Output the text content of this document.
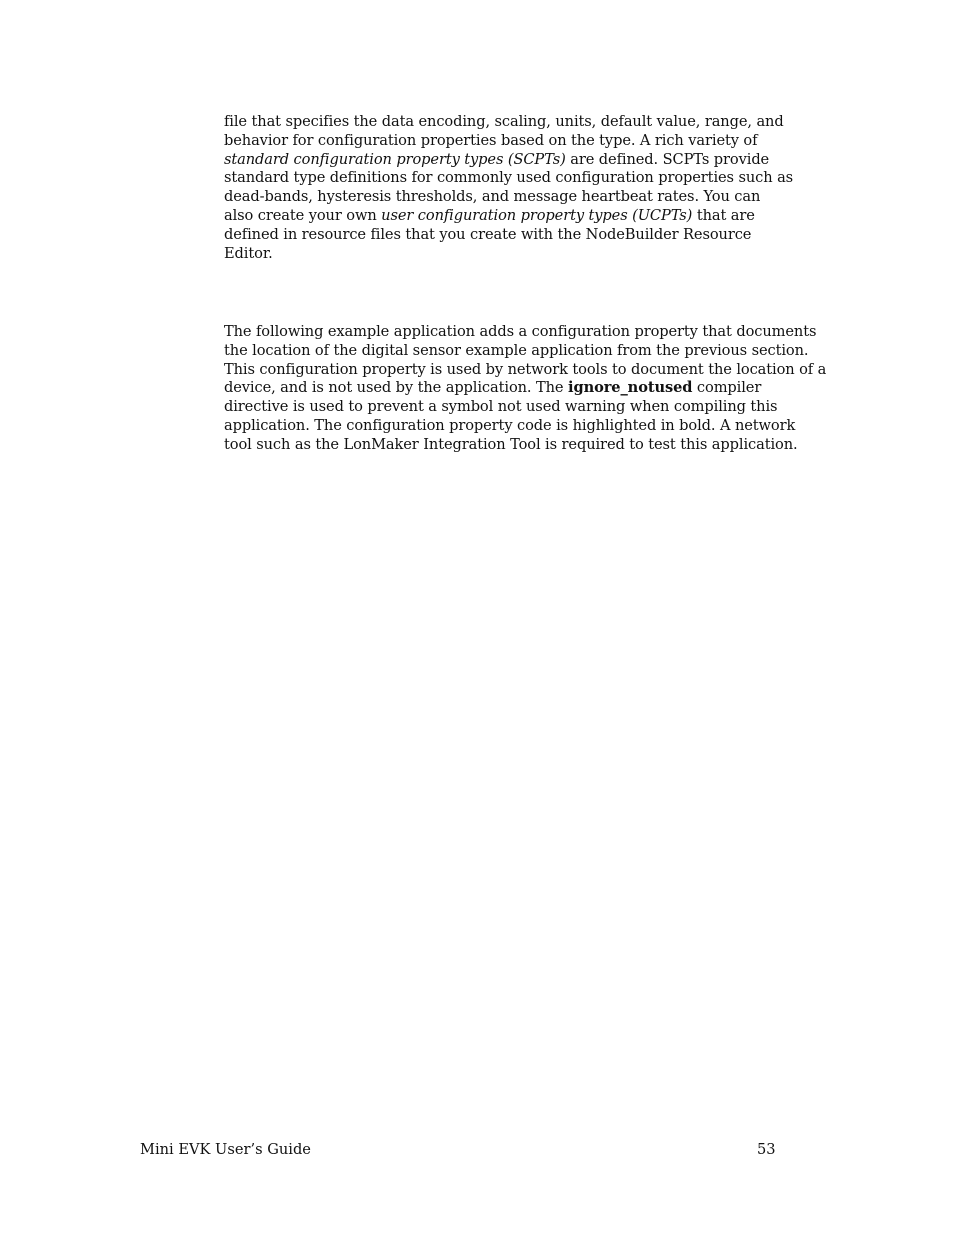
file that specifies the data encoding, scaling, units, default value, range, and
behavior for configuration properties based on the type. A rich variety of
standard configuration property types (SCPTs) are defined. SCPTs provide
standard type definitions for commonly used configuration properties such as
dead-bands, hysteresis thresholds, and message heartbeat rates. You can
also create your own user configuration property types (UCPTs) that are
defined in resource files that you create with the NodeBuilder Resource
Editor.
The following example application adds a configuration property that documents
the location of the digital sensor example application from the previous section.
This configuration property is used by network tools to document the location of a
device, and is not used by the application. The ignore_notused compiler
directive is used to prevent a symbol not used warning when compiling this
application. The configuration property code is highlighted in bold. A network
tool such as the LonMaker Integration Tool is required to test this application.
Mini EVK User’s Guide	53
